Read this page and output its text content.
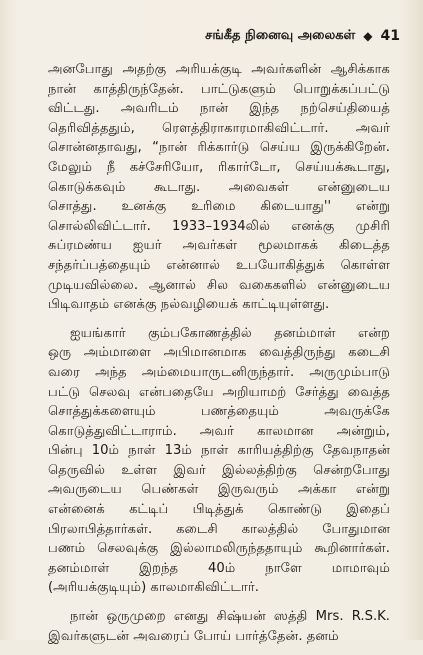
சங்கீத நினைவு அலைகள் ◆ 41
அனபோது அதற்கு அரியக்குடி அவர்களின் ஆசிக்காக
நான் காத்திருந்தேன். பாட்டுகளும் பொறுக்கப்பட்டு
விட்டது. அவரிடம் நான் இந்த நற்செய்தியைத்
தெரிவித்ததும், ரௌத்திராகாரமாகிவிட்டார். அவர்
சொன்னதாவது, “நான் ரிக்கார்டு செய்ய இருக்கிறேன்.
மேலும் நீ கச்சேரியோ, ரிகார்டோ, செய்யக்கூடாது,
கொடுக்கவும் கூடாது. அவைகள் என்னுடைய
சொத்து. உனக்கு உரிமை கிடையாது'' என்று
சொல்லிவிட்டார். 1933–1934லில் எனக்கு முசிரி
சுப்ரமண்ய ஐயர் அவர்கள் மூலமாகக் கிடைத்த
சந்தர்ப்பத்தையும் என்னால் உபயோகித்துக் கொள்ள
முடியவில்லை. ஆனால் சில வகைகளில் என்னுடைய
பிடிவாதம் எனக்கு நல்வழியைக் காட்டியுள்ளது.
ஐயங்கார் கும்பகோணத்தில் தனம்மாள் என்ற
ஒரு அம்மாளை அபிமானமாக வைத்திருந்து கடைசி
வரை அந்த அம்மையாருடனிருந்தார். அருமும்பாடு
பட்டு செலவு என்பதையே அறியாமற் சேர்த்து வைத்த
சொத்துக்களையும் பணத்தையும் அவருக்கே
கொடுத்துவிட்டாராம். அவர் காலமான அன்றும்,
பின்பு 10ம் நாள் 13ம் நாள் காரியத்திற்கு தேவநாதன்
தெருவில் உள்ள இவர் இல்லத்திற்கு சென்றபோது
அவருடைய பெண்கள் இருவரும் அக்கா என்று
என்னைக் கட்டிப் பிடித்துக் கொண்டு இதைப்
பிரலாபித்தார்கள். கடைசி காலத்தில் போதுமான
பணம் செலவுக்கு இல்லாமலிருந்ததாயும் கூறினார்கள்.
தனம்மாள் இறந்த 40ம் நாளே மாமாவும்
(அரியக்குடியும்) காலமாகிவிட்டார்.
நான் ஒருமுறை எனது சிஷ்யன் ஸத்தி Mrs. R.S.K.
இவர்களுடன் அவரைப் போய் பார்த்தேன். தனம்
